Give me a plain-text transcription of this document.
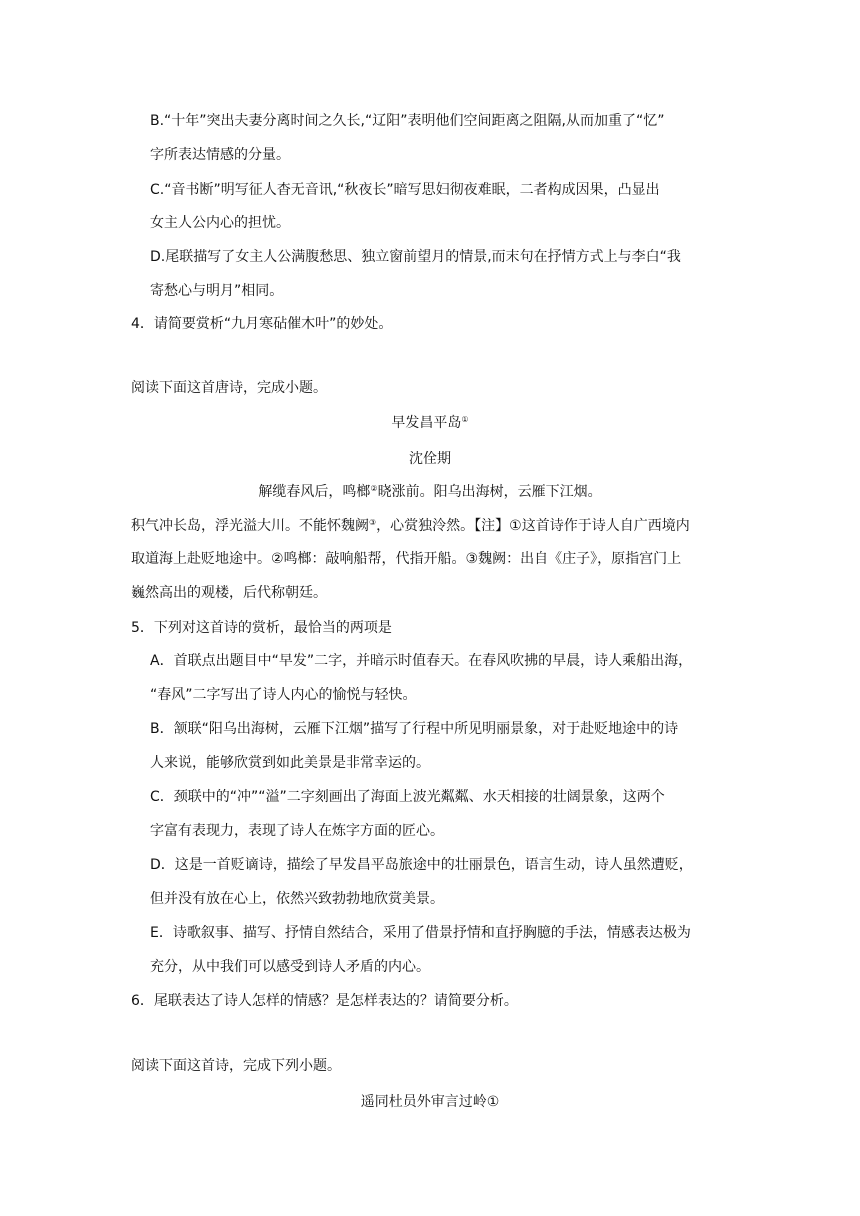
B.“十年”突出夫妻分离时间之久长,“辽阳”表明他们空间距离之阻隔,从而加重了“忆”
字所表达情感的分量。
C.“音书断”明写征人杳无音讯,“秋夜长”暗写思妇彻夜难眠，二者构成因果，凸显出
女主人公内心的担忧。
D.尾联描写了女主人公满腹愁思、独立窗前望月的情景,而末句在抒情方式上与李白“我
寄愁心与明月”相同。
4．请简要赏析“九月寒砧催木叶”的妙处。
阅读下面这首唐诗，完成小题。
早发昌平岛①
沈佺期
解缆春风后，鸣榔②晓涨前。阳乌出海树，云雁下江烟。
积气冲长岛，浮光溢大川。不能怀魏阙③，心赏独泠然。【注】①这首诗作于诗人自广西境内
取道海上赴贬地途中。②鸣榔：敲响船帮，代指开船。③魏阙：出自《庄子》，原指宫门上
巍然高出的观楼，后代称朝廷。
5．下列对这首诗的赏析，最恰当的两项是
A．首联点出题目中“早发”二字，并暗示时值春天。在春风吹拂的早晨，诗人乘船出海，
“春风”二字写出了诗人内心的愉悦与轻快。
B．颔联“阳乌出海树，云雁下江烟”描写了行程中所见明丽景象，对于赴贬地途中的诗
人来说，能够欣赏到如此美景是非常幸运的。
C．颈联中的“冲”“溢”二字刻画出了海面上波光粼粼、水天相接的壮阔景象，这两个
字富有表现力，表现了诗人在炼字方面的匠心。
D．这是一首贬谪诗，描绘了早发昌平岛旅途中的壮丽景色，语言生动，诗人虽然遭贬，
但并没有放在心上，依然兴致勃勃地欣赏美景。
E．诗歌叙事、描写、抒情自然结合，采用了借景抒情和直抒胸臆的手法，情感表达极为
充分，从中我们可以感受到诗人矛盾的内心。
6．尾联表达了诗人怎样的情感？是怎样表达的？请简要分析。
阅读下面这首诗，完成下列小题。
遥同杜员外审言过岭①
